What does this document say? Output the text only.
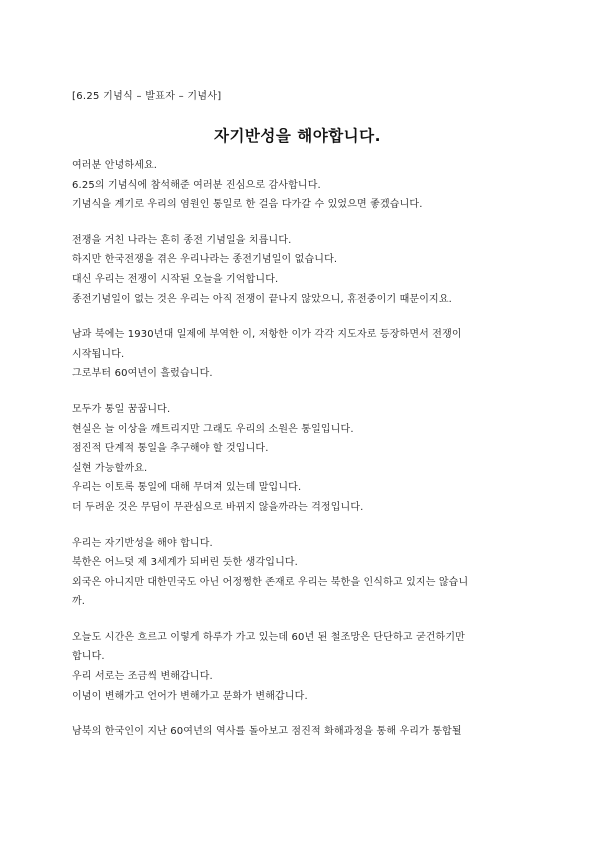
[6.25 기념식 – 발표자 – 기념사]
자기반성을 해야합니다.
여러분 안녕하세요.
6.25의 기념식에 참석해준 여러분 진심으로 감사합니다.
기념식을 계기로 우리의 염원인 통일로 한 걸음 다가갈 수 있었으면 좋겠습니다.
전쟁을 거친 나라는 흔히 종전 기념일을 치릅니다.
하지만 한국전쟁을 겪은 우리나라는 종전기념일이 없습니다.
대신 우리는 전쟁이 시작된 오늘을 기억합니다.
종전기념일이 없는 것은 우리는 아직 전쟁이 끝나지 않았으니, 휴전중이기 때문이지요.
남과 북에는 1930년대 일제에 부역한 이, 저항한 이가 각각 지도자로 등장하면서 전쟁이
시작됩니다.
그로부터 60여년이 흘렀습니다.
모두가 통일 꿈꿉니다.
현실은 늘 이상을 깨트리지만 그래도 우리의 소원은 통일입니다.
점진적 단계적 통일을 추구해야 할 것입니다.
실현 가능할까요.
우리는 이토록 통일에 대해 무뎌져 있는데 말입니다.
더 두려운 것은 무딤이 무관심으로 바뀌지 않을까라는 걱정입니다.
우리는 자기반성을 해야 합니다.
북한은 어느덧 제 3세계가 되버린 듯한 생각입니다.
외국은 아니지만 대한민국도 아닌 어정쩡한 존재로 우리는 북한을 인식하고 있지는 않습니
까.
오늘도 시간은 흐르고 이렇게 하루가 가고 있는데 60년 된 철조망은 단단하고 굳건하기만
합니다.
우리 서로는 조금씩 변해갑니다.
이념이 변해가고 언어가 변해가고 문화가 변해갑니다.
남북의 한국인이 지난 60여년의 역사를 돌아보고 점진적 화해과정을 통해 우리가 통합될
